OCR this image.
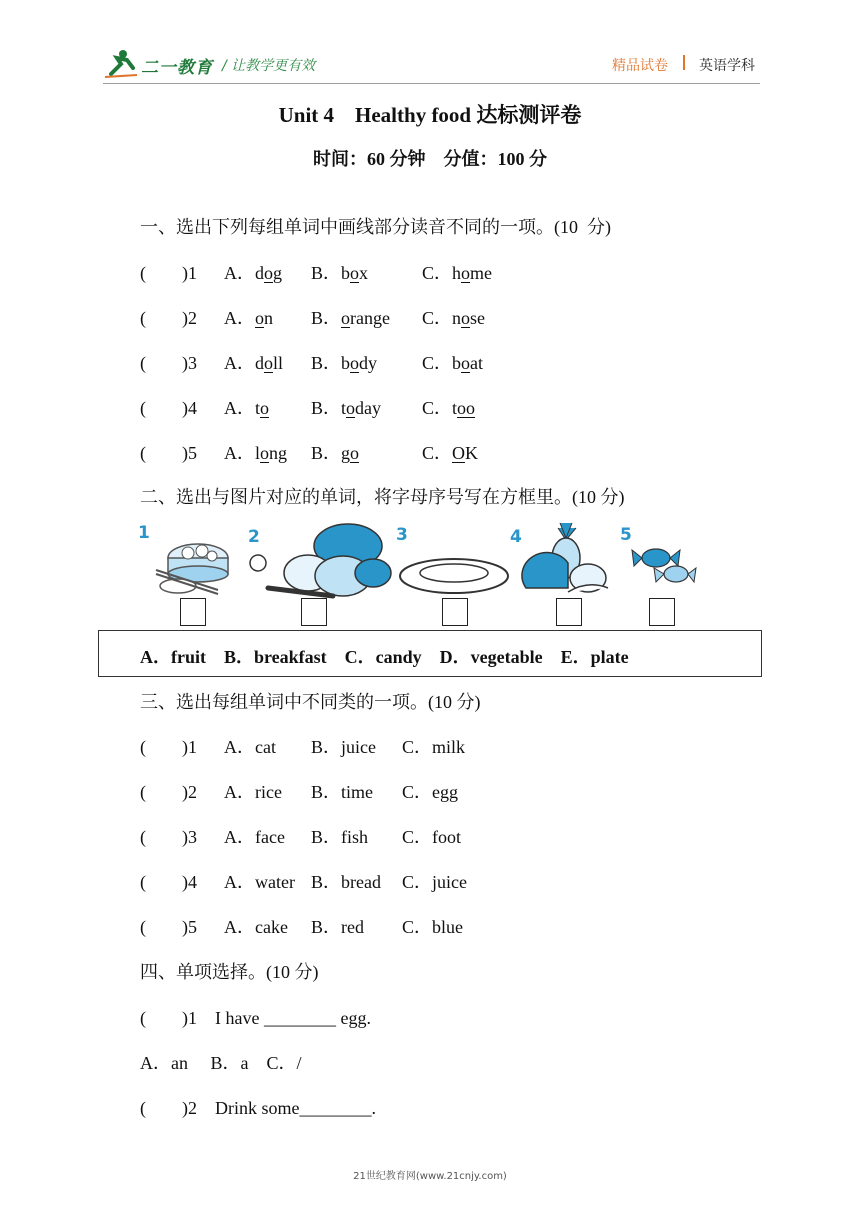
二一教育 / 让教学更有效	精品试卷 英语学科
Unit 4　Healthy food 达标测评卷
时间：60 分钟　分值：100 分
一、选出下列每组单词中画线部分读音不同的一项。(10  分)
(　　)1 A．dog B．box	C．home
(　　)2 A．on B．orange C．nose
(　　)3 A．doll B．body C．boat
(　　)4 A．to B．today C．too
(　　)5 A．long B．go	C．OK
二、选出与图片对应的单词，将字母序号写在方框里。(10 分)
1	2	3	4	5
A．fruit　B．breakfast　C．candy　D．vegetable　E．plate
三、选出每组单词中不同类的一项。(10 分)
(　　)1 A．cat B．juice C．milk
(　　)2 A．rice B．time C．egg
(　　)3 A．face B．fish C．foot
(　　)4 A．water B．bread C．juice
(　　)5 A．cake B．red C．blue
四、单项选择。(10 分)
(　　)1　I have ________ egg.
A．an　 B．a　C．/
(　　)2　Drink some________.
21世纪教育网(www.21cnjy.com)
